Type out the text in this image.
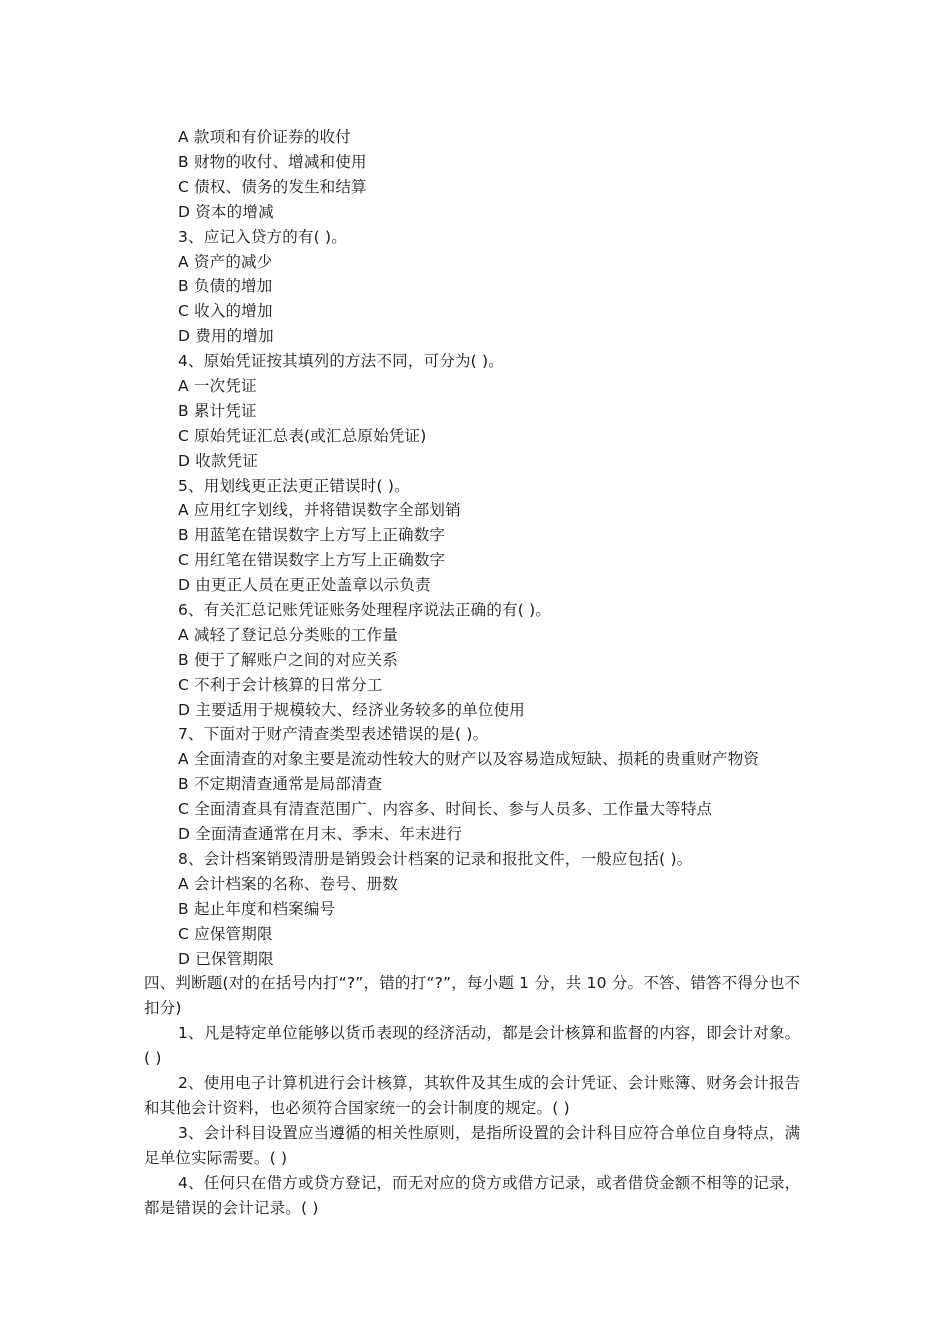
A 款项和有价证券的收付
B 财物的收付、增减和使用
C 债权、债务的发生和结算
D 资本的增减
3、应记入贷方的有( )。
A 资产的减少
B 负债的增加
C 收入的增加
D 费用的增加
4、原始凭证按其填列的方法不同，可分为( )。
A 一次凭证
B 累计凭证
C 原始凭证汇总表(或汇总原始凭证)
D 收款凭证
5、用划线更正法更正错误时( )。
A 应用红字划线，并将错误数字全部划销
B 用蓝笔在错误数字上方写上正确数字
C 用红笔在错误数字上方写上正确数字
D 由更正人员在更正处盖章以示负责
6、有关汇总记账凭证账务处理程序说法正确的有( )。
A 减轻了登记总分类账的工作量
B 便于了解账户之间的对应关系
C 不利于会计核算的日常分工
D 主要适用于规模较大、经济业务较多的单位使用
7、下面对于财产清查类型表述错误的是( )。
A 全面清查的对象主要是流动性较大的财产以及容易造成短缺、损耗的贵重财产物资
B 不定期清查通常是局部清查
C 全面清查具有清查范围广、内容多、时间长、参与人员多、工作量大等特点
D 全面清查通常在月末、季末、年末进行
8、会计档案销毁清册是销毁会计档案的记录和报批文件，一般应包括( )。
A 会计档案的名称、卷号、册数
B 起止年度和档案编号
C 应保管期限
D 已保管期限
四、判断题(对的在括号内打“?”，错的打“?”，每小题 1 分，共 10 分。不答、错答不得分也不扣分)
1、凡是特定单位能够以货币表现的经济活动，都是会计核算和监督的内容，即会计对象。( )
2、使用电子计算机进行会计核算，其软件及其生成的会计凭证、会计账簿、财务会计报告和其他会计资料，也必须符合国家统一的会计制度的规定。( )
3、会计科目设置应当遵循的相关性原则，是指所设置的会计科目应符合单位自身特点，满足单位实际需要。( )
4、任何只在借方或贷方登记，而无对应的贷方或借方记录，或者借贷金额不相等的记录，都是错误的会计记录。( )
